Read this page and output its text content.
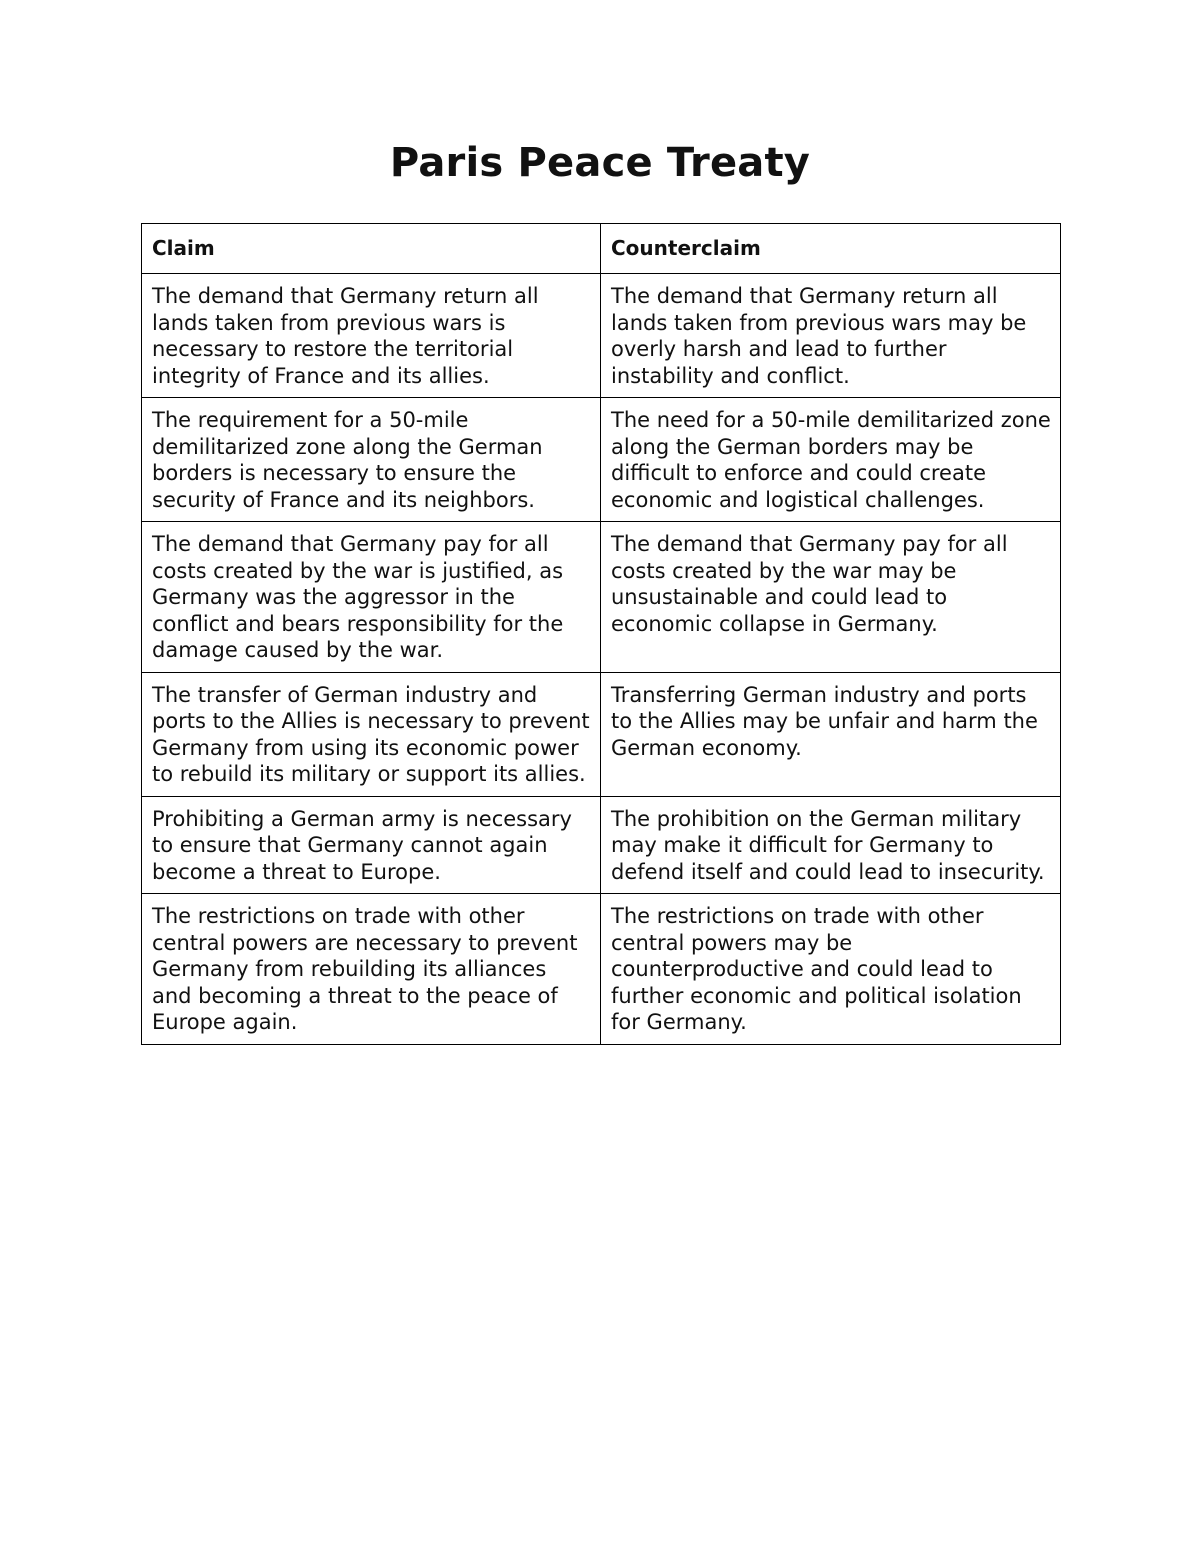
Paris Peace Treaty
Claim	Counterclaim
The demand that Germany return all lands taken from previous wars is necessary to restore the territorial integrity of France and its allies.	The demand that Germany return all lands taken from previous wars may be overly harsh and lead to further instability and conflict.
The requirement for a 50-mile demilitarized zone along the German borders is necessary to ensure the security of France and its neighbors.	The need for a 50-mile demilitarized zone along the German borders may be difficult to enforce and could create economic and logistical challenges.
The demand that Germany pay for all costs created by the war is justified, as Germany was the aggressor in the conflict and bears responsibility for the damage caused by the war.	The demand that Germany pay for all costs created by the war may be unsustainable and could lead to economic collapse in Germany.
The transfer of German industry and ports to the Allies is necessary to prevent Germany from using its economic power to rebuild its military or support its allies.	Transferring German industry and ports to the Allies may be unfair and harm the German economy.
Prohibiting a German army is necessary to ensure that Germany cannot again become a threat to Europe.	The prohibition on the German military may make it difficult for Germany to defend itself and could lead to insecurity.
The restrictions on trade with other central powers are necessary to prevent Germany from rebuilding its alliances and becoming a threat to the peace of Europe again.	The restrictions on trade with other central powers may be counterproductive and could lead to further economic and political isolation for Germany.
